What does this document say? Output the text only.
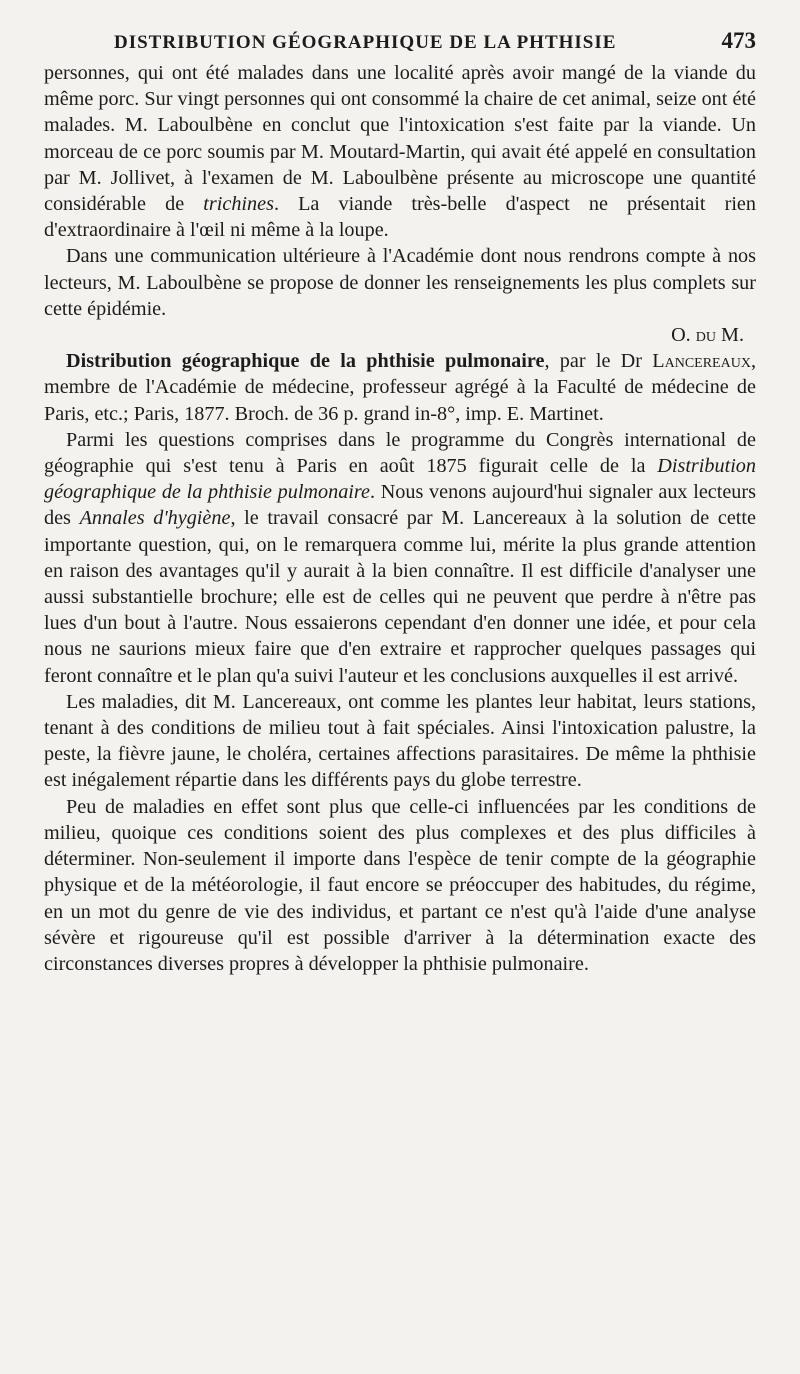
DISTRIBUTION GÉOGRAPHIQUE DE LA PHTHISIE	473

personnes, qui ont été malades dans une localité après avoir mangé de la viande du même porc. Sur vingt personnes qui ont consommé la chaire de cet animal, seize ont été malades. M. Laboulbène en conclut que l'intoxication s'est faite par la viande. Un morceau de ce porc soumis par M. Moutard-Martin, qui avait été appelé en consultation par M. Jollivet, à l'examen de M. Laboulbène présente au microscope une quantité considérable de trichines. La viande très-belle d'aspect ne présentait rien d'extraordinaire à l'œil ni même à la loupe.

Dans une communication ultérieure à l'Académie dont nous rendrons compte à nos lecteurs, M. Laboulbène se propose de donner les renseignements les plus complets sur cette épidémie.

O. du M.

Distribution géographique de la phthisie pulmonaire, par le Dr Lancereaux, membre de l'Académie de médecine, professeur agrégé à la Faculté de médecine de Paris, etc.; Paris, 1877. Broch. de 36 p. grand in-8°, imp. E. Martinet.

Parmi les questions comprises dans le programme du Congrès international de géographie qui s'est tenu à Paris en août 1875 figurait celle de la Distribution géographique de la phthisie pulmonaire. Nous venons aujourd'hui signaler aux lecteurs des Annales d'hygiène, le travail consacré par M. Lancereaux à la solution de cette importante question, qui, on le remarquera comme lui, mérite la plus grande attention en raison des avantages qu'il y aurait à la bien connaître. Il est difficile d'analyser une aussi substantielle brochure; elle est de celles qui ne peuvent que perdre à n'être pas lues d'un bout à l'autre. Nous essaierons cependant d'en donner une idée, et pour cela nous ne saurions mieux faire que d'en extraire et rapprocher quelques passages qui feront connaître et le plan qu'a suivi l'auteur et les conclusions auxquelles il est arrivé.

Les maladies, dit M. Lancereaux, ont comme les plantes leur habitat, leurs stations, tenant à des conditions de milieu tout à fait spéciales. Ainsi l'intoxication palustre, la peste, la fièvre jaune, le choléra, certaines affections parasitaires. De même la phthisie est inégalement répartie dans les différents pays du globe terrestre.

Peu de maladies en effet sont plus que celle-ci influencées par les conditions de milieu, quoique ces conditions soient des plus complexes et des plus difficiles à déterminer. Non-seulement il importe dans l'espèce de tenir compte de la géographie physique et de la météorologie, il faut encore se préoccuper des habitudes, du régime, en un mot du genre de vie des individus, et partant ce n'est qu'à l'aide d'une analyse sévère et rigoureuse qu'il est possible d'arriver à la détermination exacte des circonstances diverses propres à développer la phthisie pulmonaire.
